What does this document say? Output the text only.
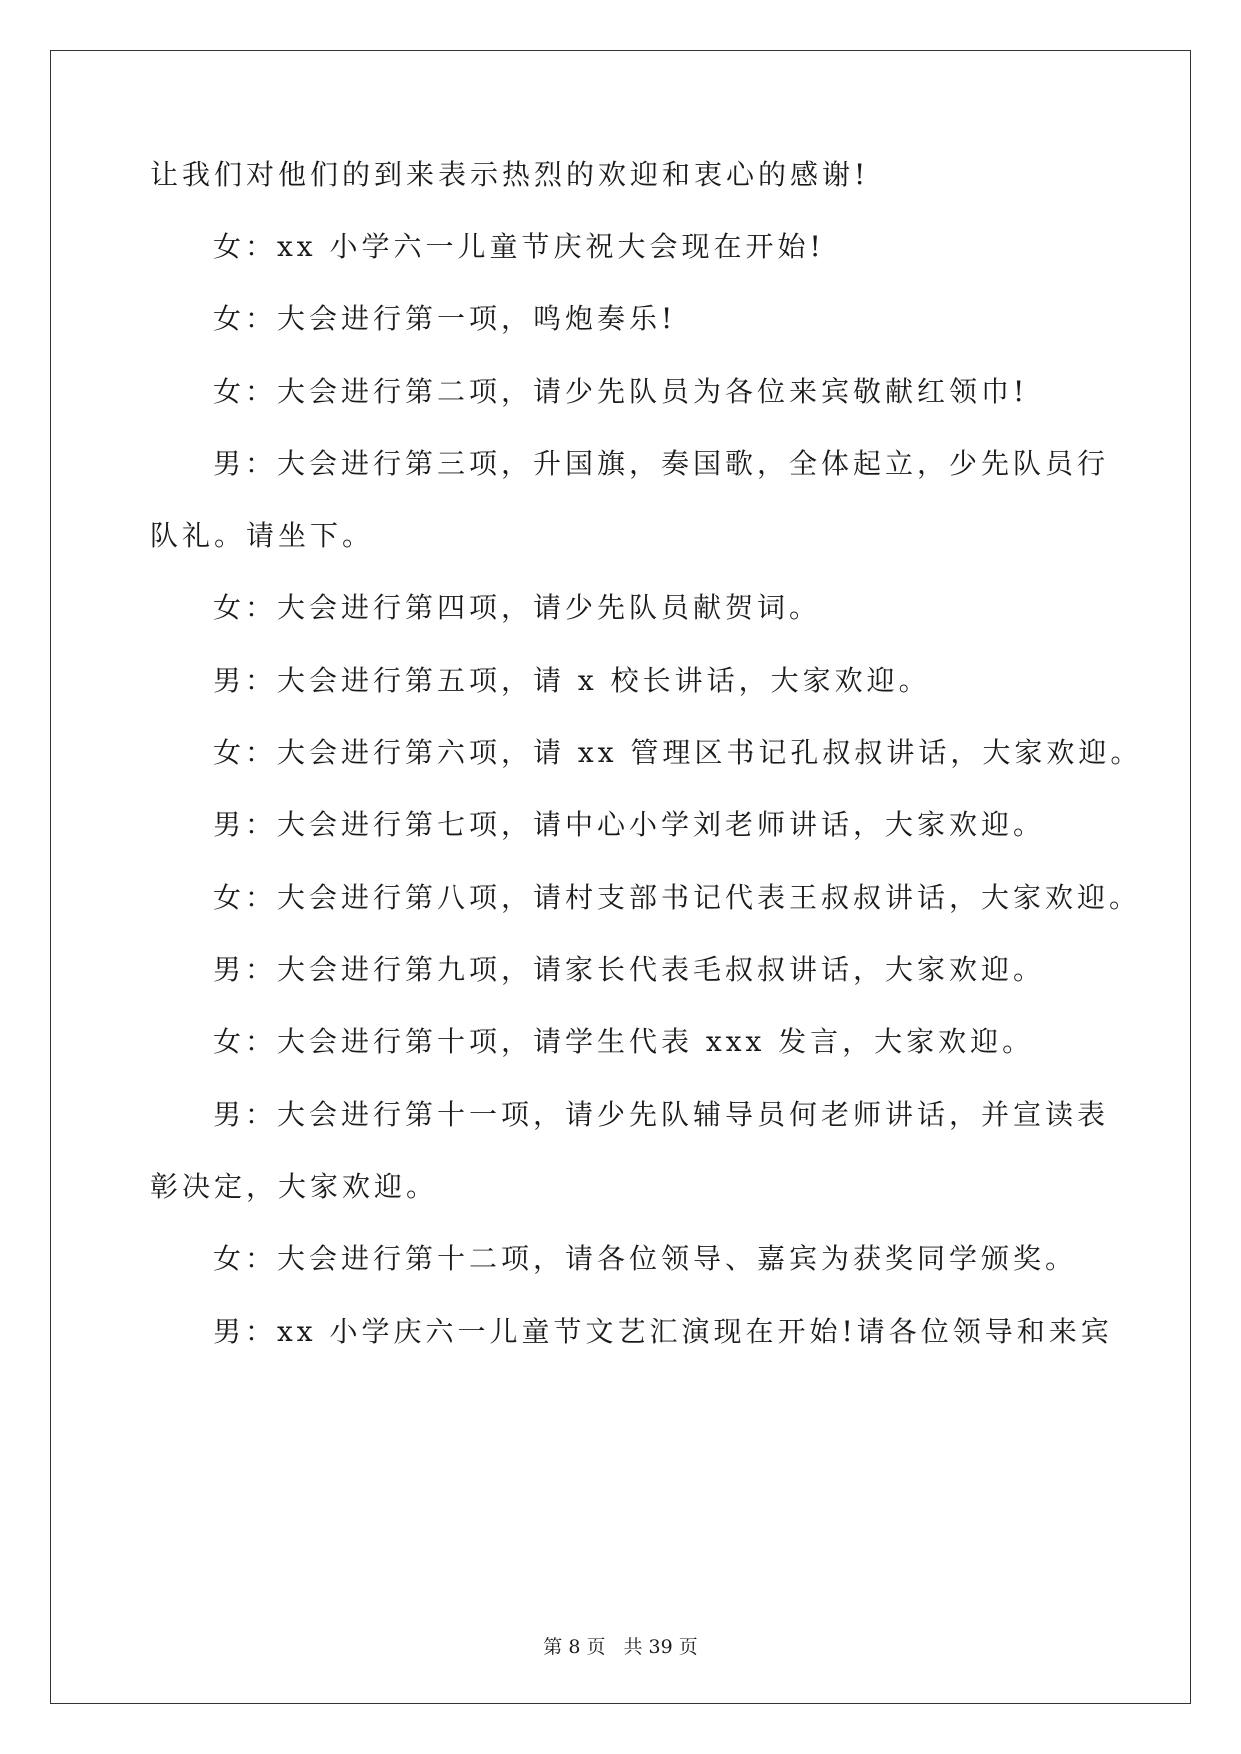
让我们对他们的到来表示热烈的欢迎和衷心的感谢!
女：xx 小学六一儿童节庆祝大会现在开始!
女：大会进行第一项，鸣炮奏乐!
女：大会进行第二项，请少先队员为各位来宾敬献红领巾!
男：大会进行第三项，升国旗，奏国歌，全体起立，少先队员行
队礼。请坐下。
女：大会进行第四项，请少先队员献贺词。
男：大会进行第五项，请 x 校长讲话，大家欢迎。
女：大会进行第六项，请 xx 管理区书记孔叔叔讲话，大家欢迎。
男：大会进行第七项，请中心小学刘老师讲话，大家欢迎。
女：大会进行第八项，请村支部书记代表王叔叔讲话，大家欢迎。
男：大会进行第九项，请家长代表毛叔叔讲话，大家欢迎。
女：大会进行第十项，请学生代表 xxx 发言，大家欢迎。
男：大会进行第十一项，请少先队辅导员何老师讲话，并宣读表
彰决定，大家欢迎。
女：大会进行第十二项，请各位领导、嘉宾为获奖同学颁奖。
男：xx 小学庆六一儿童节文艺汇演现在开始!请各位领导和来宾
第 8 页 共 39 页
